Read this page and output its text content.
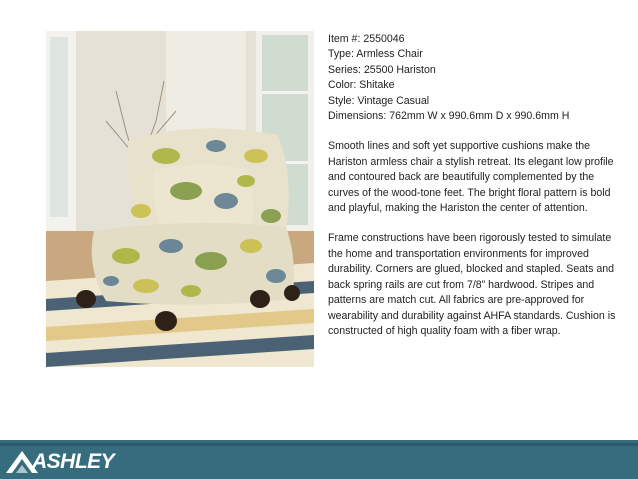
Item #: 2550046
Type: Armless Chair
Series: 25500 Hariston
Color: Shitake
Style: Vintage Casual
Dimensions: 762mm W x 990.6mm D x 990.6mm H

Smooth lines and soft yet supportive cushions make the Hariston armless chair a stylish retreat. Its elegant low profile and contoured back are beautifully complemented by the curves of the wood-tone feet. The bright floral pattern is bold and playful, making the Hariston the center of attention.

Frame constructions have been rigorously tested to simulate the home and transportation environments for improved durability. Corners are glued, blocked and stapled. Seats and back spring rails are cut from 7/8” hardwood. Stripes and patterns are match cut. All fabrics are pre-approved for wearability and durability against AHFA standards. Cushion is constructed of high quality foam with a fiber wrap.

ASHLEY
